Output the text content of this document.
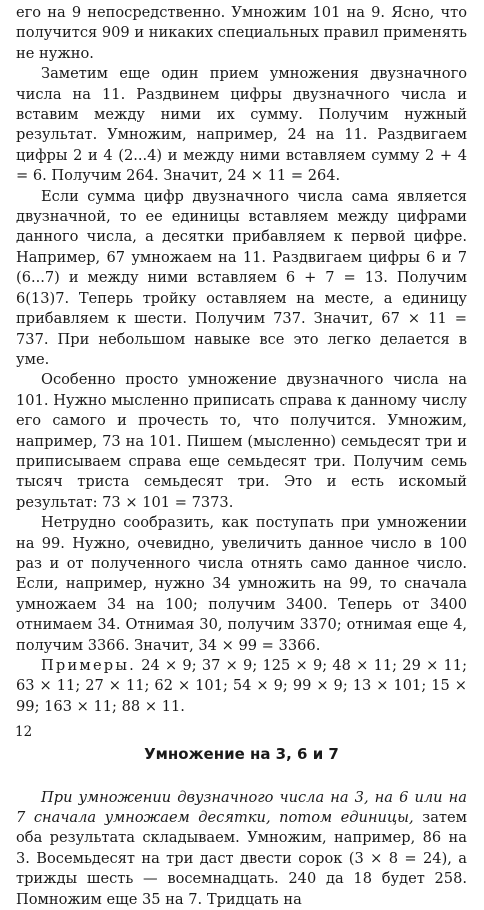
его на 9 непосредственно. Умножим 101 на 9. Ясно, что получится 909 и никаких специальных правил применять не нужно.

Заметим еще один прием умножения двузначного числа на 11. Раздвинем цифры двузначного числа и вставим между ними их сумму. Получим нужный результат. Умножим, например, 24 на 11. Раздвигаем цифры 2 и 4 (2...4) и между ними вставляем сумму 2 + 4 = 6. Получим 264. Значит, 24 × 11 = 264.

Если сумма цифр двузначного числа сама является двузначной, то ее единицы вставляем между цифрами данного числа, а десятки прибавляем к первой цифре. Например, 67 умножаем на 11. Раздвигаем цифры 6 и 7 (6...7) и между ними вставляем 6 + 7 = 13. Получим 6(13)7. Теперь тройку оставляем на месте, а единицу прибавляем к шести. Получим 737. Значит, 67 × 11 = 737. При небольшом навыке все это легко делается в уме.

Особенно просто умножение двузначного числа на 101. Нужно мысленно приписать справа к данному числу его самого и прочесть то, что получится. Умножим, например, 73 на 101. Пишем (мысленно) семьдесят три и приписываем справа еще семьдесят три. Получим семь тысяч триста семьдесят три. Это и есть искомый результат: 73 × 101 = 7373.

Нетрудно сообразить, как поступать при умножении на 99. Нужно, очевидно, увеличить данное число в 100 раз и от полученного числа отнять само данное число. Если, например, нужно 34 умножить на 99, то сначала умножаем 34 на 100; получим 3400. Теперь от 3400 отнимаем 34. Отнимая 30, получим 3370; отнимая еще 4, получим 3366. Значит, 34 × 99 = 3366.

Примеры. 24 × 9; 37 × 9; 125 × 9; 48 × 11; 29 × 11; 63 × 11; 27 × 11; 62 × 101; 54 × 9; 99 × 9; 13 × 101; 15 × 99; 163 × 11; 88 × 11.

Умножение на 3, 6 и 7

При умножении двузначного числа на 3, на 6 или на 7 сначала умножаем десятки, потом единицы, затем оба результата складываем. Умножим, например, 86 на 3. Восемьдесят на три даст двести сорок (3 × 8 = 24), а трижды шесть — восемнадцать. 240 да 18 будет 258. Помножим еще 35 на 7. Тридцать на

12
